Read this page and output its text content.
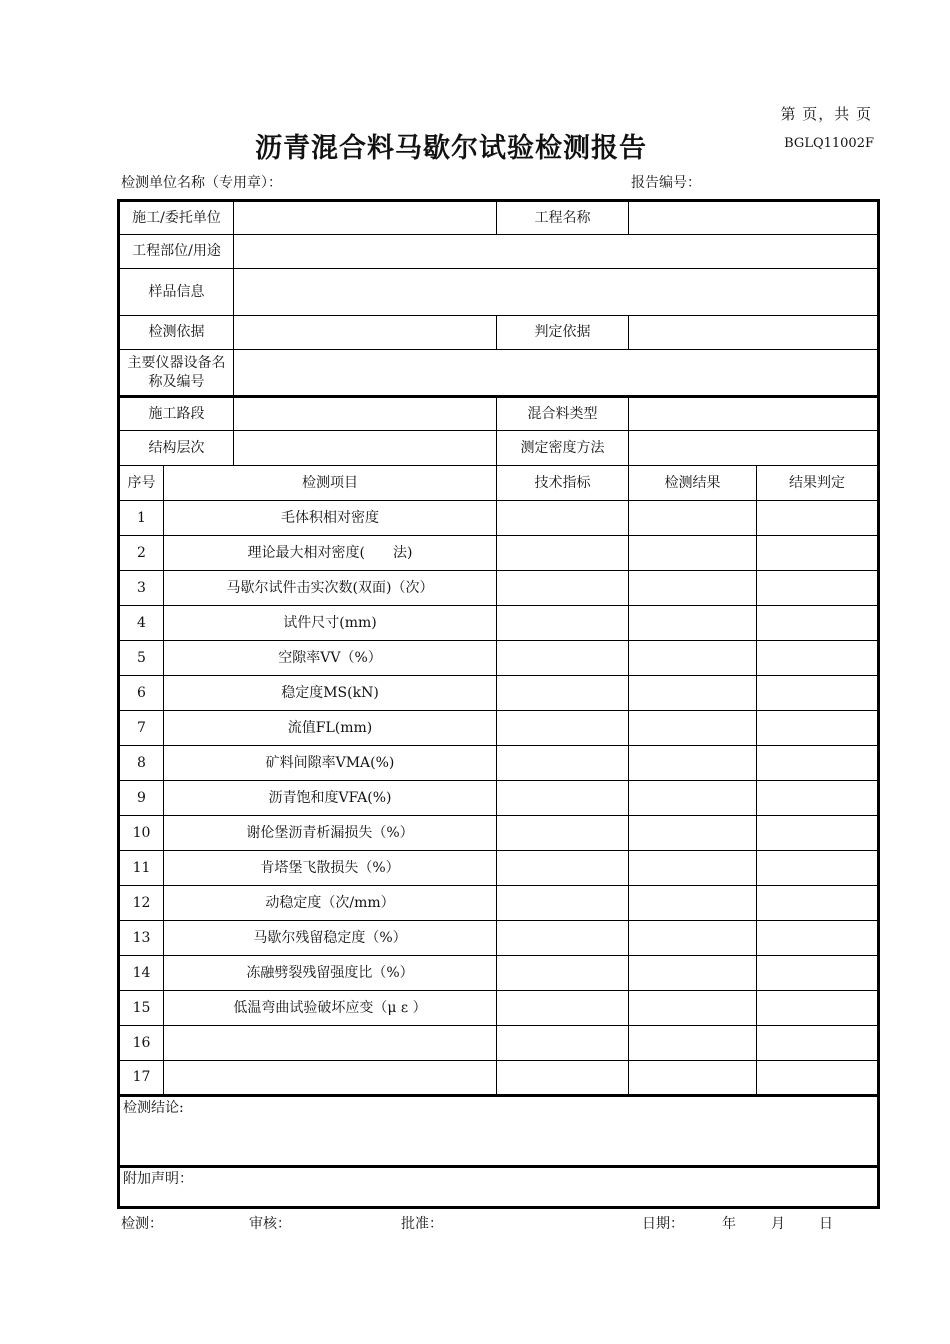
第 页，共 页
沥青混合料马歇尔试验检测报告	BGLQ11002F
检测单位名称（专用章）：	报告编号：
施工/委托单位			工程名称		
工程部位/用途					
样品信息					
检测依据			判定依据		
主要仪器设备名称及编号					
施工路段			混合料类型		
结构层次			测定密度方法		
序号	检测项目		技术指标	检测结果	结果判定
1	毛体积相对密度				
2	理论最大相对密度(　　法)				
3	马歇尔试件击实次数(双面)（次）				
4	试件尺寸(mm)				
5	空隙率VV（%）				
6	稳定度MS(kN)				
7	流值FL(mm)				
8	矿料间隙率VMA(%)				
9	沥青饱和度VFA(%)				
10	谢伦堡沥青析漏损失（%）				
11	肯塔堡飞散损失（%）				
12	动稳定度（次/mm）				
13	马歇尔残留稳定度（%）				
14	冻融劈裂残留强度比（%）				
15	低温弯曲试验破坏应变（μ ε ）				
16					
17					
检测结论:					
附加声明：					
检测：	审核：	批准：	日期：	年	月 日
